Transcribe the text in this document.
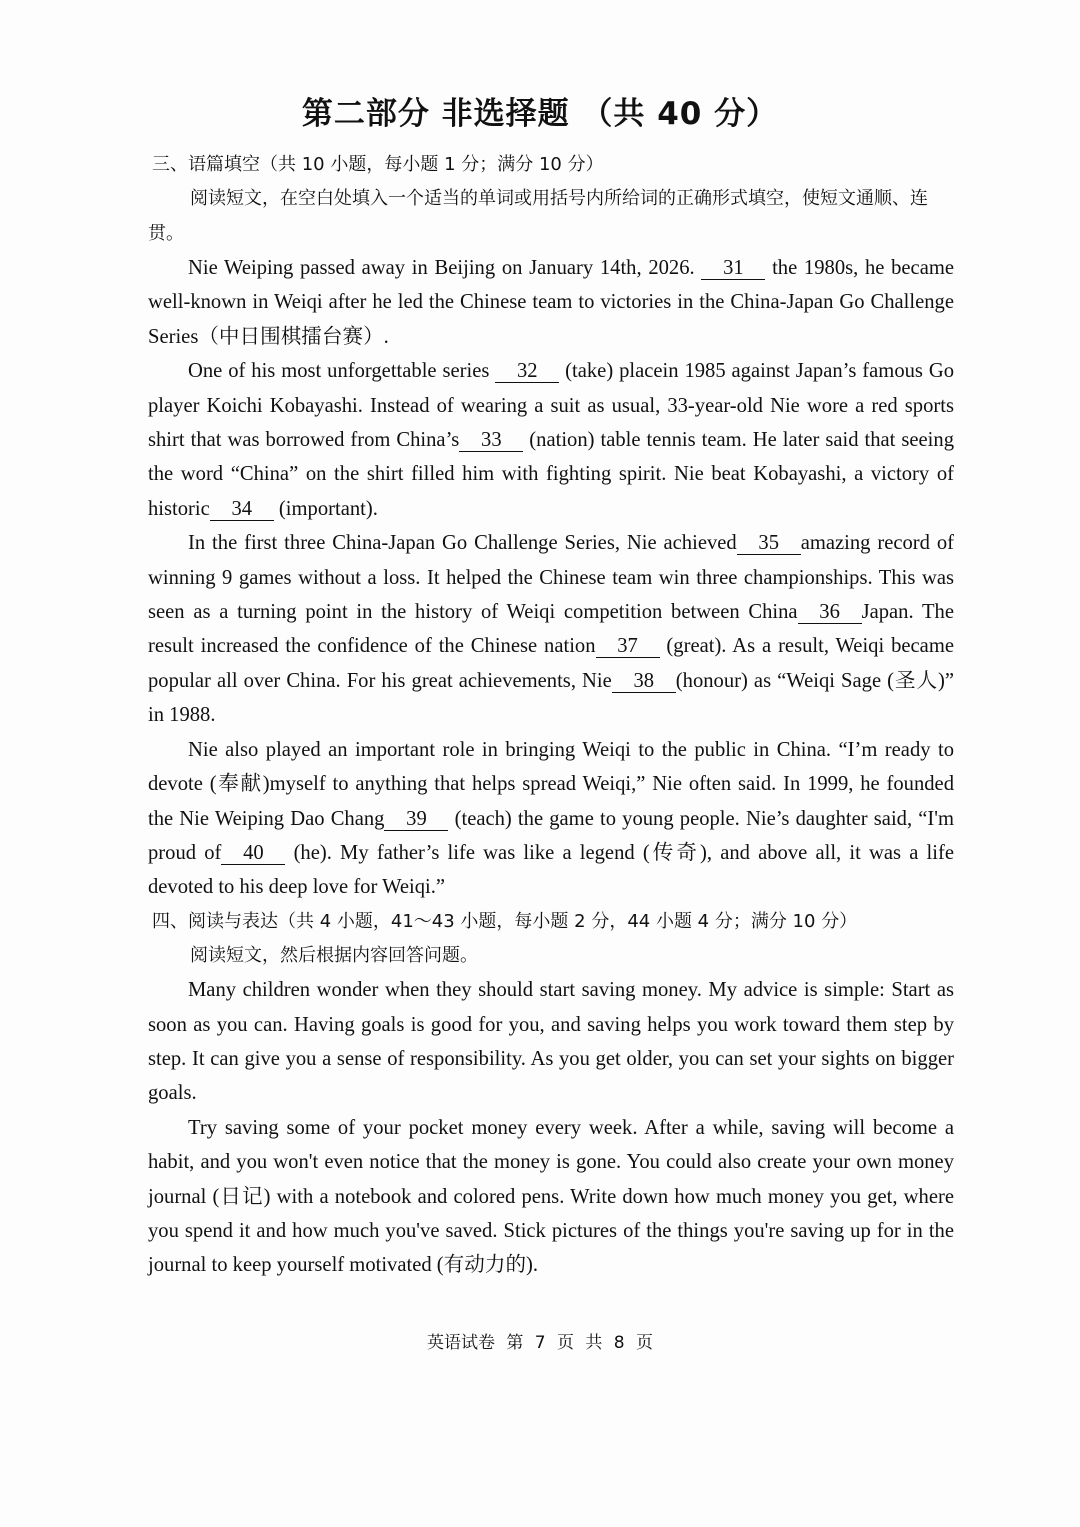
第二部分 非选择题 （共 40 分）
三、语篇填空（共 10 小题，每小题 1 分；满分 10 分）

阅读短文，在空白处填入一个适当的单词或用括号内所给词的正确形式填空，使短文通顺、连贯。

Nie Weiping passed away in Beijing on January 14th, 2026. 31 the 1980s, he became well-known in Weiqi after he led the Chinese team to victories in the China-Japan Go Challenge Series（中日围棋擂台赛）.

One of his most unforgettable series 32 (take) placein 1985 against Japan’s famous Go player Koichi Kobayashi. Instead of wearing a suit as usual, 33-year-old Nie wore a red sports shirt that was borrowed from China’s 33 (nation) table tennis team. He later said that seeing the word “China” on the shirt filled him with fighting spirit. Nie beat Kobayashi, a victory of historic 34 (important).

In the first three China-Japan Go Challenge Series, Nie achieved 35 amazing record of winning 9 games without a loss. It helped the Chinese team win three championships. This was seen as a turning point in the history of Weiqi competition between China 36 Japan. The result increased the confidence of the Chinese nation 37 (great). As a result, Weiqi became popular all over China. For his great achievements, Nie 38 (honour) as “Weiqi Sage (圣人)” in 1988.

Nie also played an important role in bringing Weiqi to the public in China. “I’m ready to devote (奉献)myself to anything that helps spread Weiqi,” Nie often said. In 1999, he founded the Nie Weiping Dao Chang 39 (teach) the game to young people. Nie’s daughter said, “I'm proud of 40 (he). My father’s life was like a legend (传奇), and above all, it was a life devoted to his deep love for Weiqi.”

四、阅读与表达（共 4 小题，41～43 小题，每小题 2 分，44 小题 4 分；满分 10 分）

阅读短文，然后根据内容回答问题。

Many children wonder when they should start saving money. My advice is simple: Start as soon as you can. Having goals is good for you, and saving helps you work toward them step by step. It can give you a sense of responsibility. As you get older, you can set your sights on bigger goals.

Try saving some of your pocket money every week. After a while, saving will become a habit, and you won't even notice that the money is gone. You could also create your own money journal (日记) with a notebook and colored pens. Write down how much money you get, where you spend it and how much you've saved. Stick pictures of the things you're saving up for in the journal to keep yourself motivated (有动力的).

英语试卷 第 7 页 共 8 页
